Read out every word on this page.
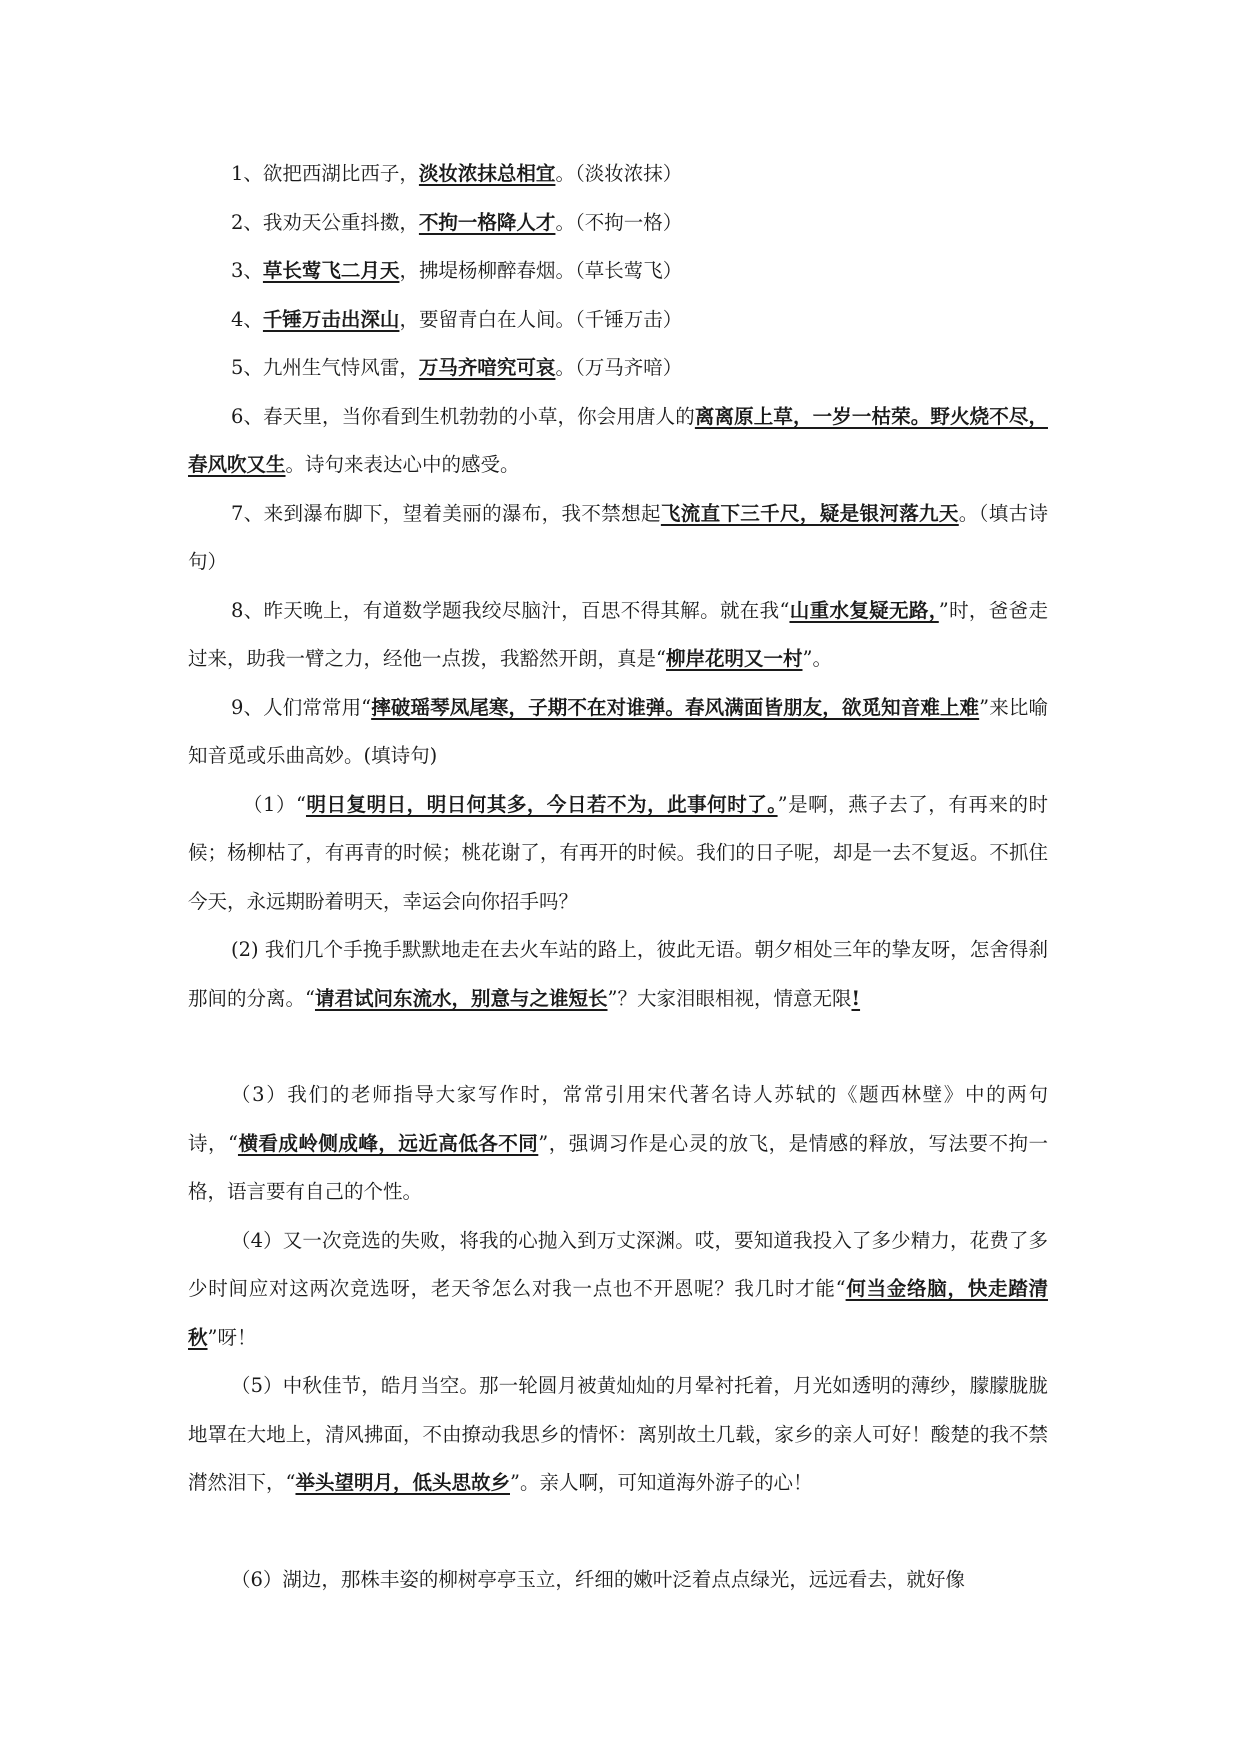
1、欲把西湖比西子，淡妆浓抹总相宜。（淡妆浓抹）

2、我劝天公重抖擞，不拘一格降人才。（不拘一格）

3、草长莺飞二月天，拂堤杨柳醉春烟。（草长莺飞）

4、千锤万击出深山，要留青白在人间。（千锤万击）

5、九州生气恃风雷，万马齐喑究可哀。（万马齐喑）

6、春天里，当你看到生机勃勃的小草，你会用唐人的离离原上草，一岁一枯荣。野火烧不尽，春风吹又生。诗句来表达心中的感受。

7、来到瀑布脚下，望着美丽的瀑布，我不禁想起飞流直下三千尺，疑是银河落九天。（填古诗句）

8、昨天晚上，有道数学题我绞尽脑汁，百思不得其解。就在我“山重水复疑无路，”时，爸爸走过来，助我一臂之力，经他一点拨，我豁然开朗，真是“柳岸花明又一村”。

9、人们常常用“摔破瑶琴凤尾寒，子期不在对谁弹。春风满面皆朋友，欲觅知音难上难”来比喻知音觅或乐曲高妙。(填诗句)

（1）“明日复明日，明日何其多，今日若不为，此事何时了。”是啊，燕子去了，有再来的时候；杨柳枯了，有再青的时候；桃花谢了，有再开的时候。我们的日子呢，却是一去不复返。不抓住今天，永远期盼着明天，幸运会向你招手吗？

(2) 我们几个手挽手默默地走在去火车站的路上，彼此无语。朝夕相处三年的挚友呀，怎舍得刹那间的分离。“请君试问东流水，别意与之谁短长”？大家泪眼相视，情意无限!

（3）我们的老师指导大家写作时，常常引用宋代著名诗人苏轼的《题西林壁》中的两句诗，“横看成岭侧成峰，远近高低各不同”，强调习作是心灵的放飞，是情感的释放，写法要不拘一格，语言要有自己的个性。

（4）又一次竞选的失败，将我的心抛入到万丈深渊。哎，要知道我投入了多少精力，花费了多少时间应对这两次竞选呀，老天爷怎么对我一点也不开恩呢？我几时才能“何当金络脑，快走踏清秋”呀！

（5）中秋佳节，皓月当空。那一轮圆月被黄灿灿的月晕衬托着，月光如透明的薄纱，朦朦胧胧地罩在大地上，清风拂面，不由撩动我思乡的情怀：离别故土几载，家乡的亲人可好！酸楚的我不禁潸然泪下，“举头望明月，低头思故乡”。亲人啊，可知道海外游子的心！

（6）湖边，那株丰姿的柳树亭亭玉立，纤细的嫩叶泛着点点绿光，远远看去，就好像
